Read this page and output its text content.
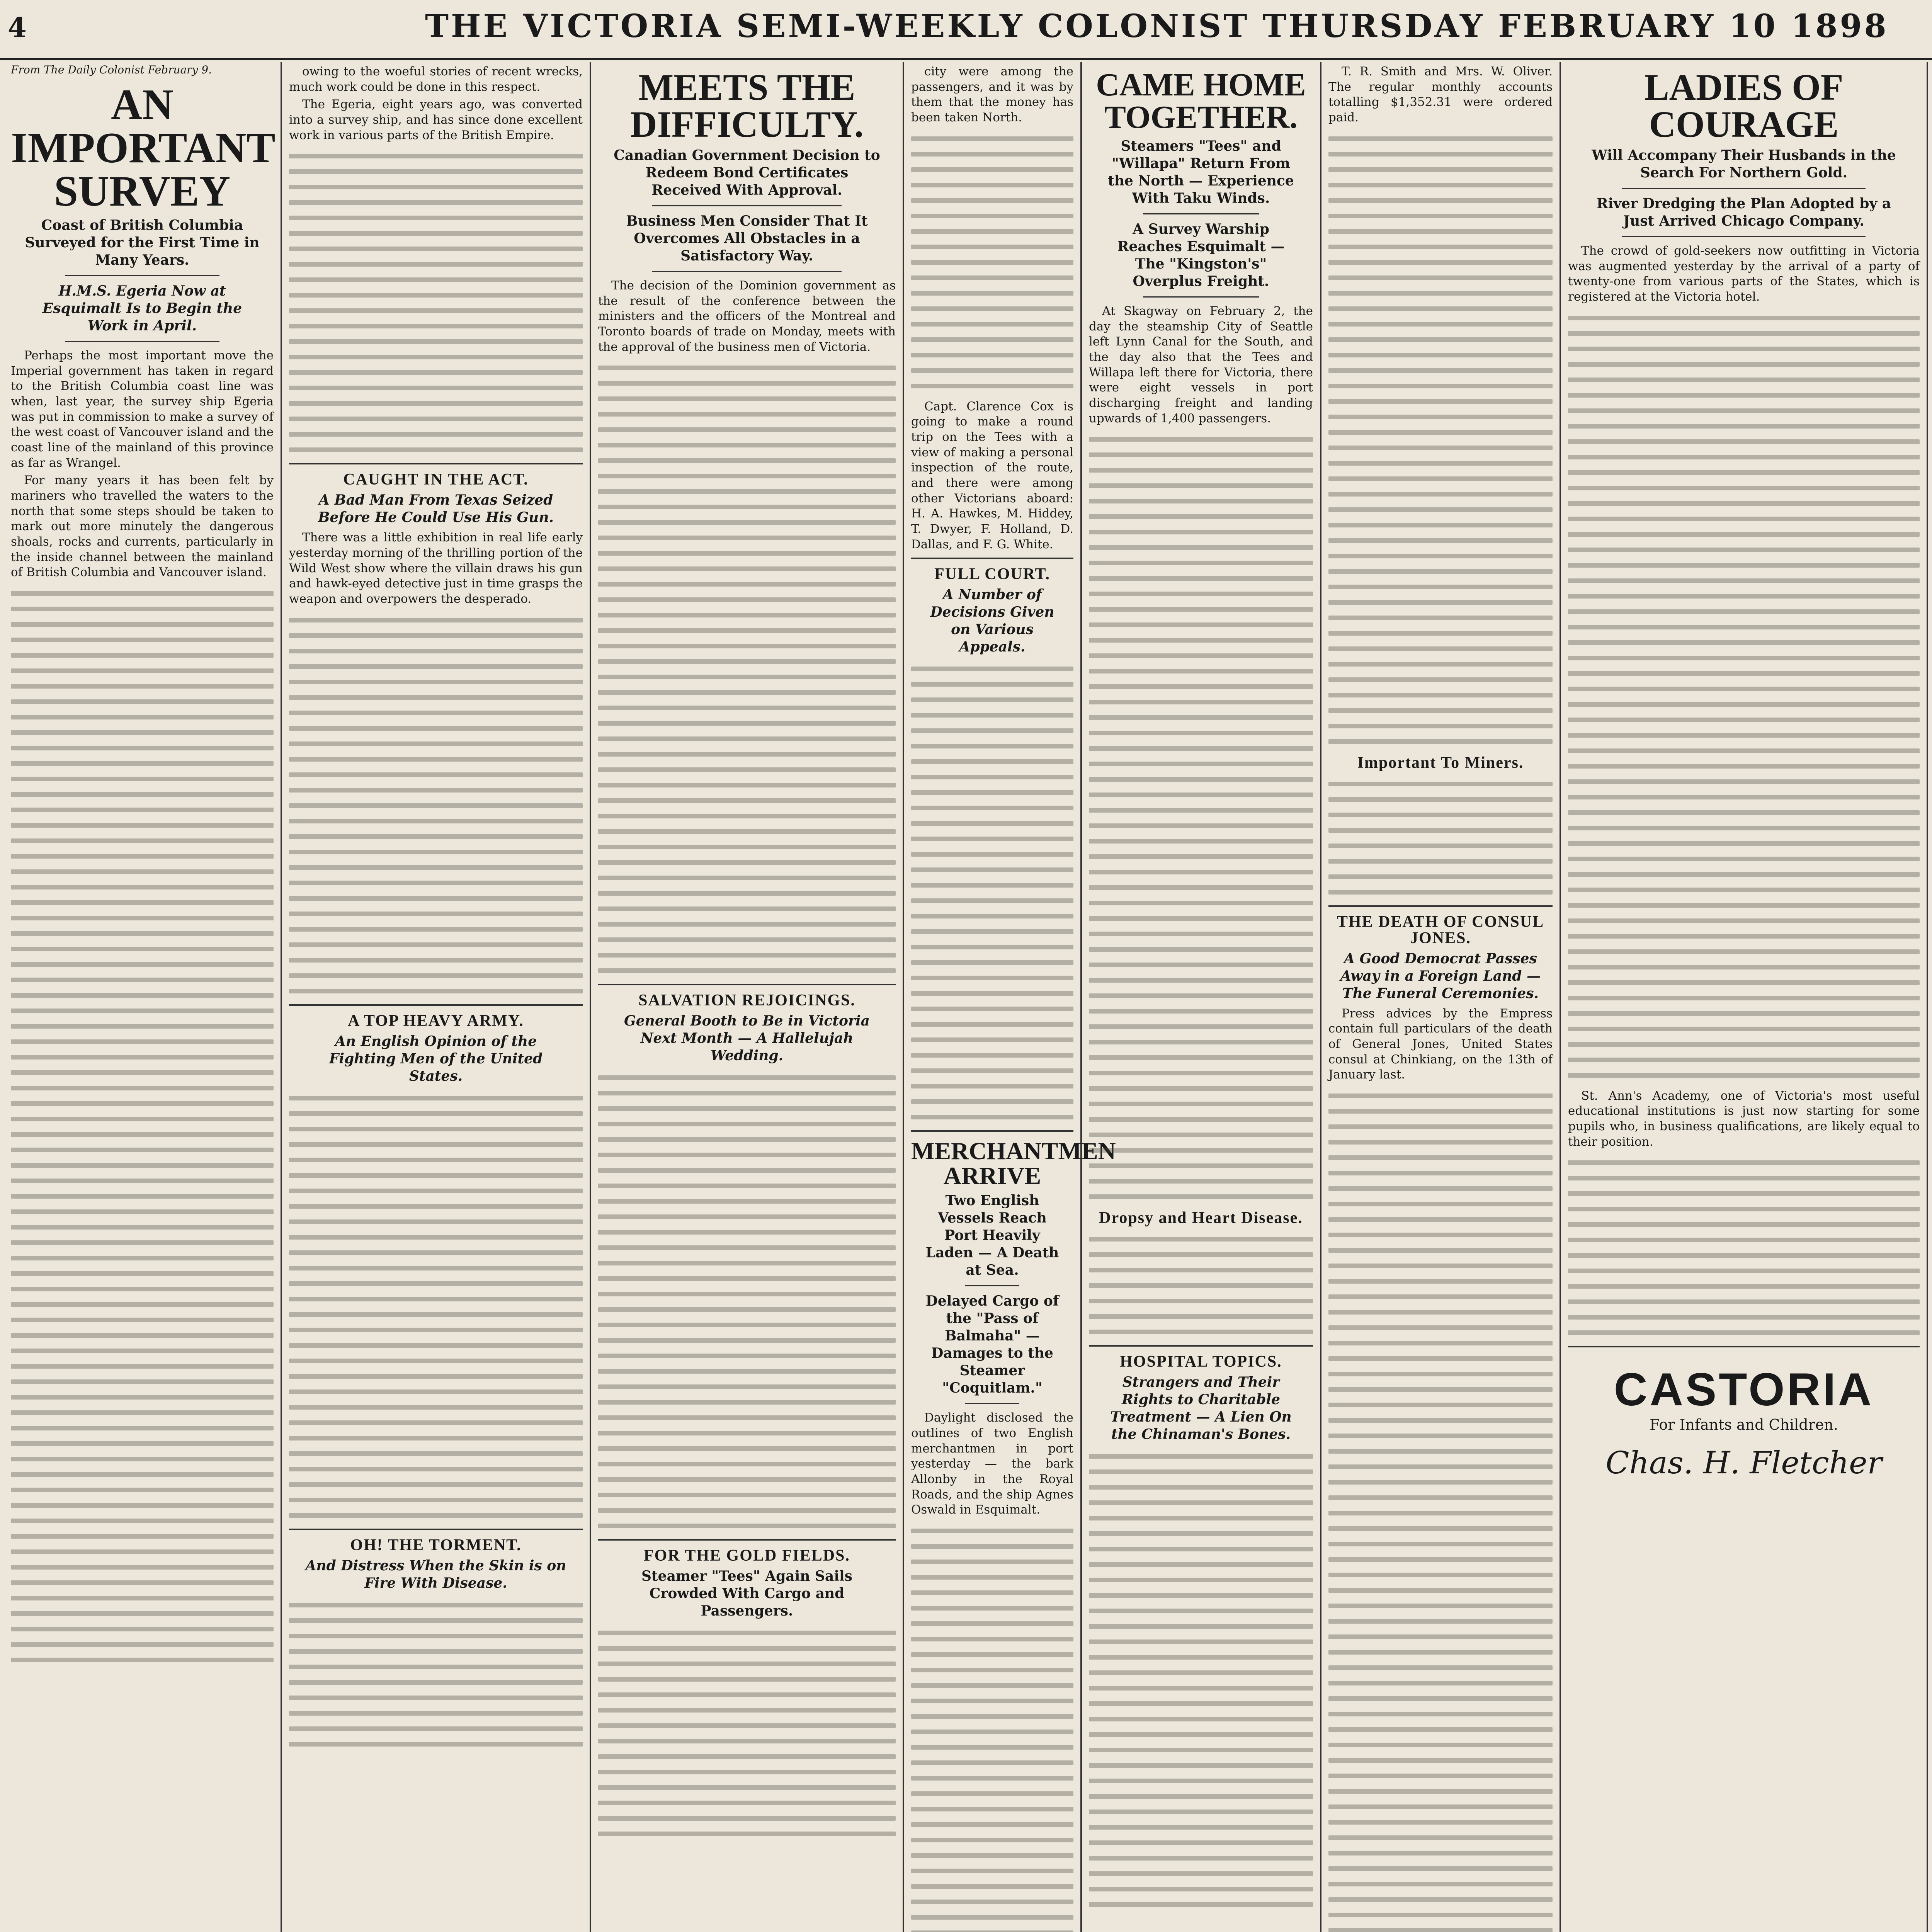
4	THE VICTORIA SEMI-WEEKLY COLONIST THURSDAY FEBRUARY 10 1898
From The Daily Colonist February 9.
AN IMPORTANT SURVEY
Coast of British Columbia Surveyed for the First Time in Many Years.
H.M.S. Egeria Now at Esquimalt Is to Begin the Work in April.

Perhaps the most important move the Imperial government has taken in regard to the British Columbia coast line was when, last year, the survey ship Egeria was put in commission to make a survey of the west coast of Vancouver island and the coast line of the mainland of this province as far as Wrangel.

For many years it has been felt by mariners who travelled the waters to the north that some steps should be taken to mark out more minutely the dangerous shoals, rocks and currents, particularly in the inside channel between the mainland of British Columbia and Vancouver island.

owing to the woeful stories of recent wrecks, much work could be done in this respect.

The Egeria, eight years ago, was converted into a survey ship, and has since done excellent work in various parts of the British Empire.

CAUGHT IN THE ACT.
A Bad Man From Texas Seized Before He Could Use His Gun.

There was a little exhibition in real life early yesterday morning of the thrilling portion of the Wild West show where the villain draws his gun and hawk-eyed detective just in time grasps the weapon and overpowers the desperado.

A TOP HEAVY ARMY.
An English Opinion of the Fighting Men of the United States.
OH! THE TORMENT.
And Distress When the Skin is on Fire With Disease.
MEETS THE DIFFICULTY.
Canadian Government Decision to Redeem Bond Certificates Received With Approval.
Business Men Consider That It Overcomes All Obstacles in a Satisfactory Way.

The decision of the Dominion government as the result of the conference between the ministers and the officers of the Montreal and Toronto boards of trade on Monday, meets with the approval of the business men of Victoria.

SALVATION REJOICINGS.
General Booth to Be in Victoria Next Month — A Hallelujah Wedding.
FOR THE GOLD FIELDS.
Steamer "Tees" Again Sails Crowded With Cargo and Passengers.

city were among the passengers, and it was by them that the money has been taken North.

Capt. Clarence Cox is going to make a round trip on the Tees with a view of making a personal inspection of the route, and there were among other Victorians aboard: H. A. Hawkes, M. Hiddey, T. Dwyer, F. Holland, D. Dallas, and F. G. White.

FULL COURT.
A Number of Decisions Given on Various Appeals.
MERCHANTMEN ARRIVE
Two English Vessels Reach Port Heavily Laden — A Death at Sea.
Delayed Cargo of the "Pass of Balmaha" — Damages to the Steamer "Coquitlam."

Daylight disclosed the outlines of two English merchantmen in port yesterday — the bark Allonby in the Royal Roads, and the ship Agnes Oswald in Esquimalt.

CAME HOME TOGETHER.
Steamers "Tees" and "Willapa" Return From the North — Experience With Taku Winds.
A Survey Warship Reaches Esquimalt — The "Kingston's" Overplus Freight.

At Skagway on February 2, the day the steamship City of Seattle left Lynn Canal for the South, and the day also that the Tees and Willapa left there for Victoria, there were eight vessels in port discharging freight and landing upwards of 1,400 passengers.

Dropsy and Heart Disease.
HOSPITAL TOPICS.
Strangers and Their Rights to Charitable Treatment — A Lien On the Chinaman's Bones.

T. R. Smith and Mrs. W. Oliver. The regular monthly accounts totalling $1,352.31 were ordered paid.

Important To Miners.
THE DEATH OF CONSUL JONES.
A Good Democrat Passes Away in a Foreign Land — The Funeral Ceremonies.

Press advices by the Empress contain full particulars of the death of General Jones, United States consul at Chinkiang, on the 13th of January last.

LADIES OF COURAGE
Will Accompany Their Husbands in the Search For Northern Gold.
River Dredging the Plan Adopted by a Just Arrived Chicago Company.

The crowd of gold-seekers now outfitting in Victoria was augmented yesterday by the arrival of a party of twenty-one from various parts of the States, which is registered at the Victoria hotel.

St. Ann's Academy, one of Victoria's most useful educational institutions is just now starting for some pupils who, in business qualifications, are likely equal to their position.

CASTORIA
For Infants and Children.
Chas. H. Fletcher
